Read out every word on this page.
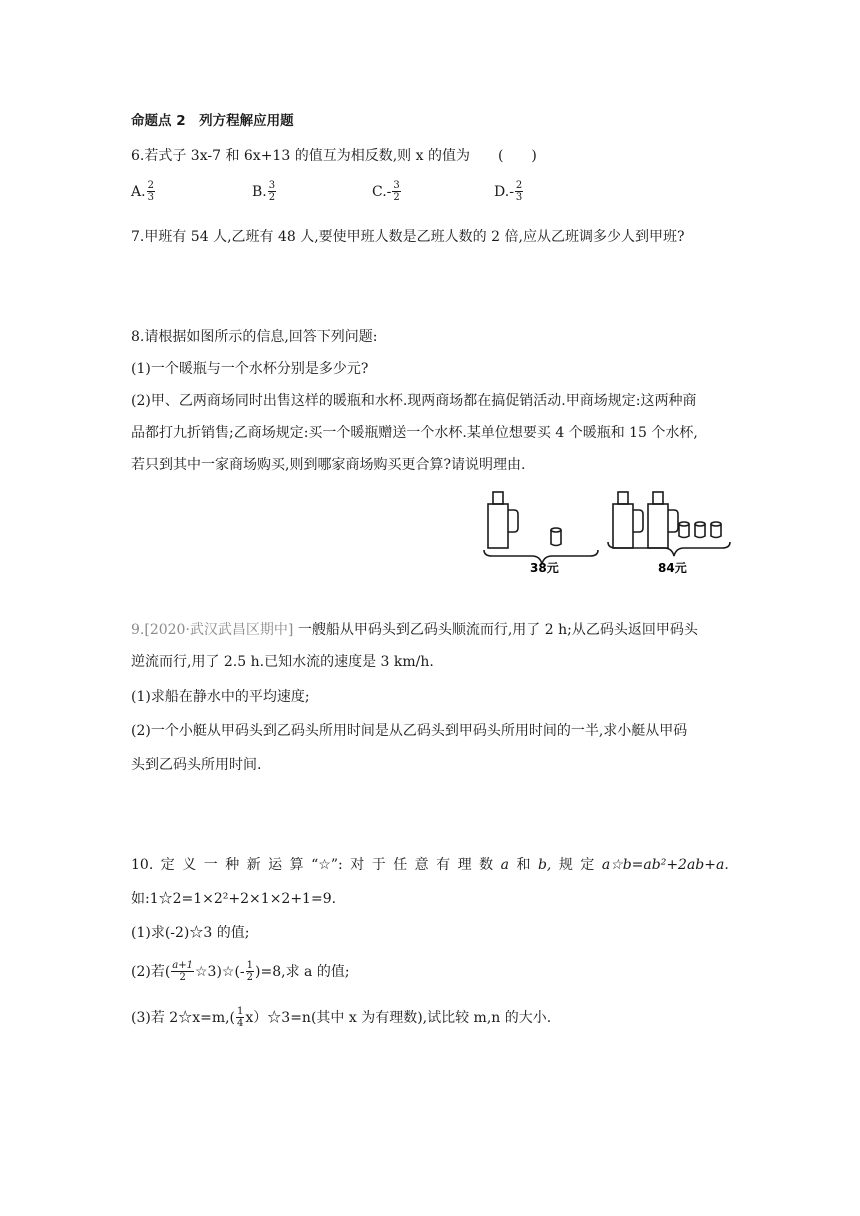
命题点 2　列方程解应用题
6.若式子 3x-7 和 6x+13 的值互为相反数,则 x 的值为　　(　　)
A. $\frac{2}{3}$	B. $\frac{3}{2}$	C. - $\frac{3}{2}$	D. - $\frac{2}{3}$
7.甲班有 54 人,乙班有 48 人,要使甲班人数是乙班人数的 2 倍,应从乙班调多少人到甲班?
8.请根据如图所示的信息,回答下列问题:
(1)一个暖瓶与一个水杯分别是多少元?
(2)甲、乙两商场同时出售这样的暖瓶和水杯.现两商场都在搞促销活动.甲商场规定:这两种商
品都打九折销售;乙商场规定:买一个暖瓶赠送一个水杯.某单位想要买 4 个暖瓶和 15 个水杯,
若只到其中一家商场购买,则到哪家商场购买更合算?请说明理由.
38元	84元
9.[2020·武汉武昌区期中] 一艘船从甲码头到乙码头顺流而行,用了 2 h;从乙码头返回甲码头
逆流而行,用了 2.5 h.已知水流的速度是 3 km/h.
(1)求船在静水中的平均速度;
(2)一个小艇从甲码头到乙码头所用时间是从乙码头到甲码头所用时间的一半,求小艇从甲码
头到乙码头所用时间.
10. 定 义 一 种 新 运 算 “☆”: 对 于 任 意 有 理 数 a 和 b, 规 定 a☆b=ab²+2ab+a.
如:1☆2=1×2²+2×1×2+1=9.
(1)求(-2)☆3 的值;
(2)若( $\frac{a+1}{2}$ ☆3)☆(- $\frac{1}{2} )=8$,求 a 的值;
(3)若 2☆x=m,( $\frac{1}{4}$ x）☆3=n(其中 x 为有理数),试比较 m,n 的大小.
